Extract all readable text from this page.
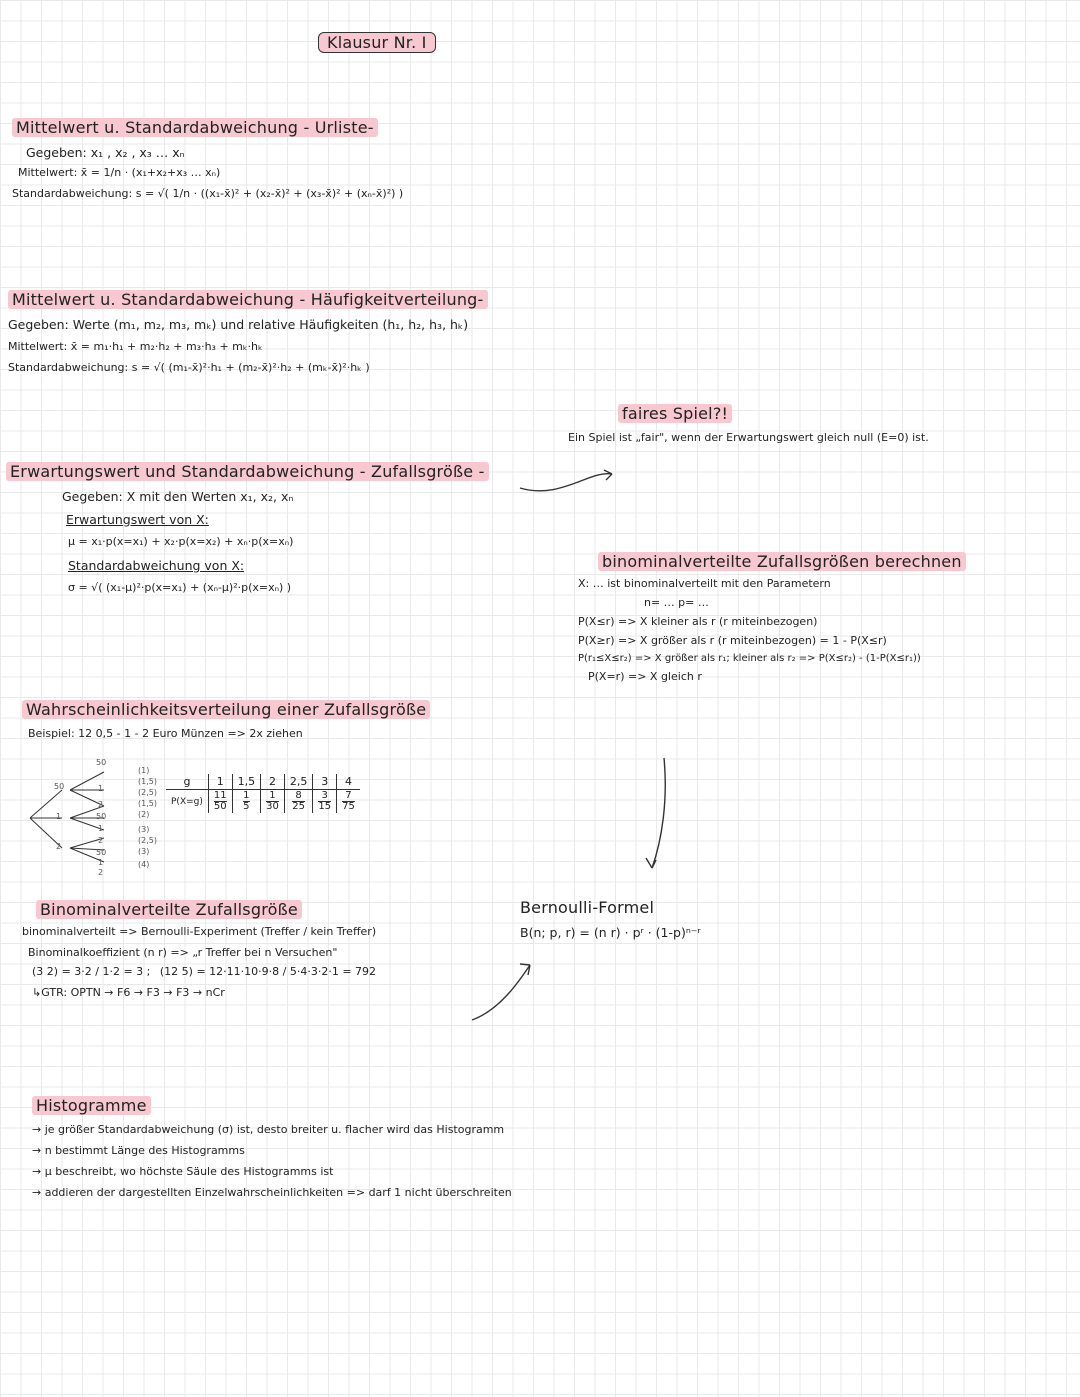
Klausur Nr. I
Mittelwert u. Standardabweichung - Urliste-
Gegeben: x₁ , x₂ , x₃ … xₙ
Mittelwert: x̄ = 1/n · (x₁+x₂+x₃ … xₙ)
Standardabweichung: s = √( 1/n · ((x₁-x̄)² + (x₂-x̄)² + (x₃-x̄)² + (xₙ-x̄)²) )
Mittelwert u. Standardabweichung - Häufigkeitverteilung-
Gegeben: Werte (m₁, m₂, m₃, mₖ) und relative Häufigkeiten (h₁, h₂, h₃, hₖ)
Mittelwert: x̄ = m₁·h₁ + m₂·h₂ + m₃·h₃ + mₖ·hₖ
Standardabweichung: s = √( (m₁-x̄)²·h₁ + (m₂-x̄)²·h₂ + (mₖ-x̄)²·hₖ )
faires Spiel?!
Ein Spiel ist „fair", wenn der Erwartungswert gleich null (E=0) ist.
Erwartungswert und Standardabweichung - Zufallsgröße -
Gegeben: X mit den Werten x₁, x₂, xₙ
Erwartungswert von X:
μ = x₁·p(x=x₁) + x₂·p(x=x₂) + xₙ·p(x=xₙ)
Standardabweichung von X:
σ = √( (x₁-μ)²·p(x=x₁) + (xₙ-μ)²·p(x=xₙ) )
binominalverteilte Zufallsgrößen berechnen
X: … ist binominalverteilt mit den Parametern
n= … p= …
P(X≤r) => X kleiner als r (r miteinbezogen)
P(X≥r) => X größer als r (r miteinbezogen) = 1 - P(X≤r)
P(r₁≤X≤r₂) => X größer als r₁; kleiner als r₂ => P(X≤r₂) - (1-P(X≤r₁))
P(X=r) => X gleich r
Wahrscheinlichkeitsverteilung einer Zufallsgröße
Beispiel: 12 0,5 - 1 - 2 Euro Münzen => 2x ziehen
50
1
2
50
1
2
50
1
2
50
1
2
(1)
(1,5)
(2,5)
(1,5)
(2)
(3)
(2,5)
(3)
(4)
g	1	1,5	2	2,5	3	4
P(X=g)	$\frac{11}{50}$	$\frac{1}{5}$	$\frac{1}{30}$	$\frac{8}{25}$	$\frac{3}{15}$	$\frac{7}{75}$
Bernoulli-Formel
B(n; p, r) = (n r) · pʳ · (1-p)ⁿ⁻ʳ
Binominalverteilte Zufallsgröße
binominalverteilt => Bernoulli-Experiment (Treffer / kein Treffer)
Binominalkoeffizient (n r) => „r Treffer bei n Versuchen"
(3 2) = 3·2 / 1·2 = 3 ; (12 5) = 12·11·10·9·8 / 5·4·3·2·1 = 792
↳GTR: OPTN → F6 → F3 → F3 → nCr
Histogramme
→ je größer Standardabweichung (σ) ist, desto breiter u. flacher wird das Histogramm
→ n bestimmt Länge des Histogramms
→ μ beschreibt, wo höchste Säule des Histogramms ist
→ addieren der dargestellten Einzelwahrscheinlichkeiten => darf 1 nicht überschreiten
